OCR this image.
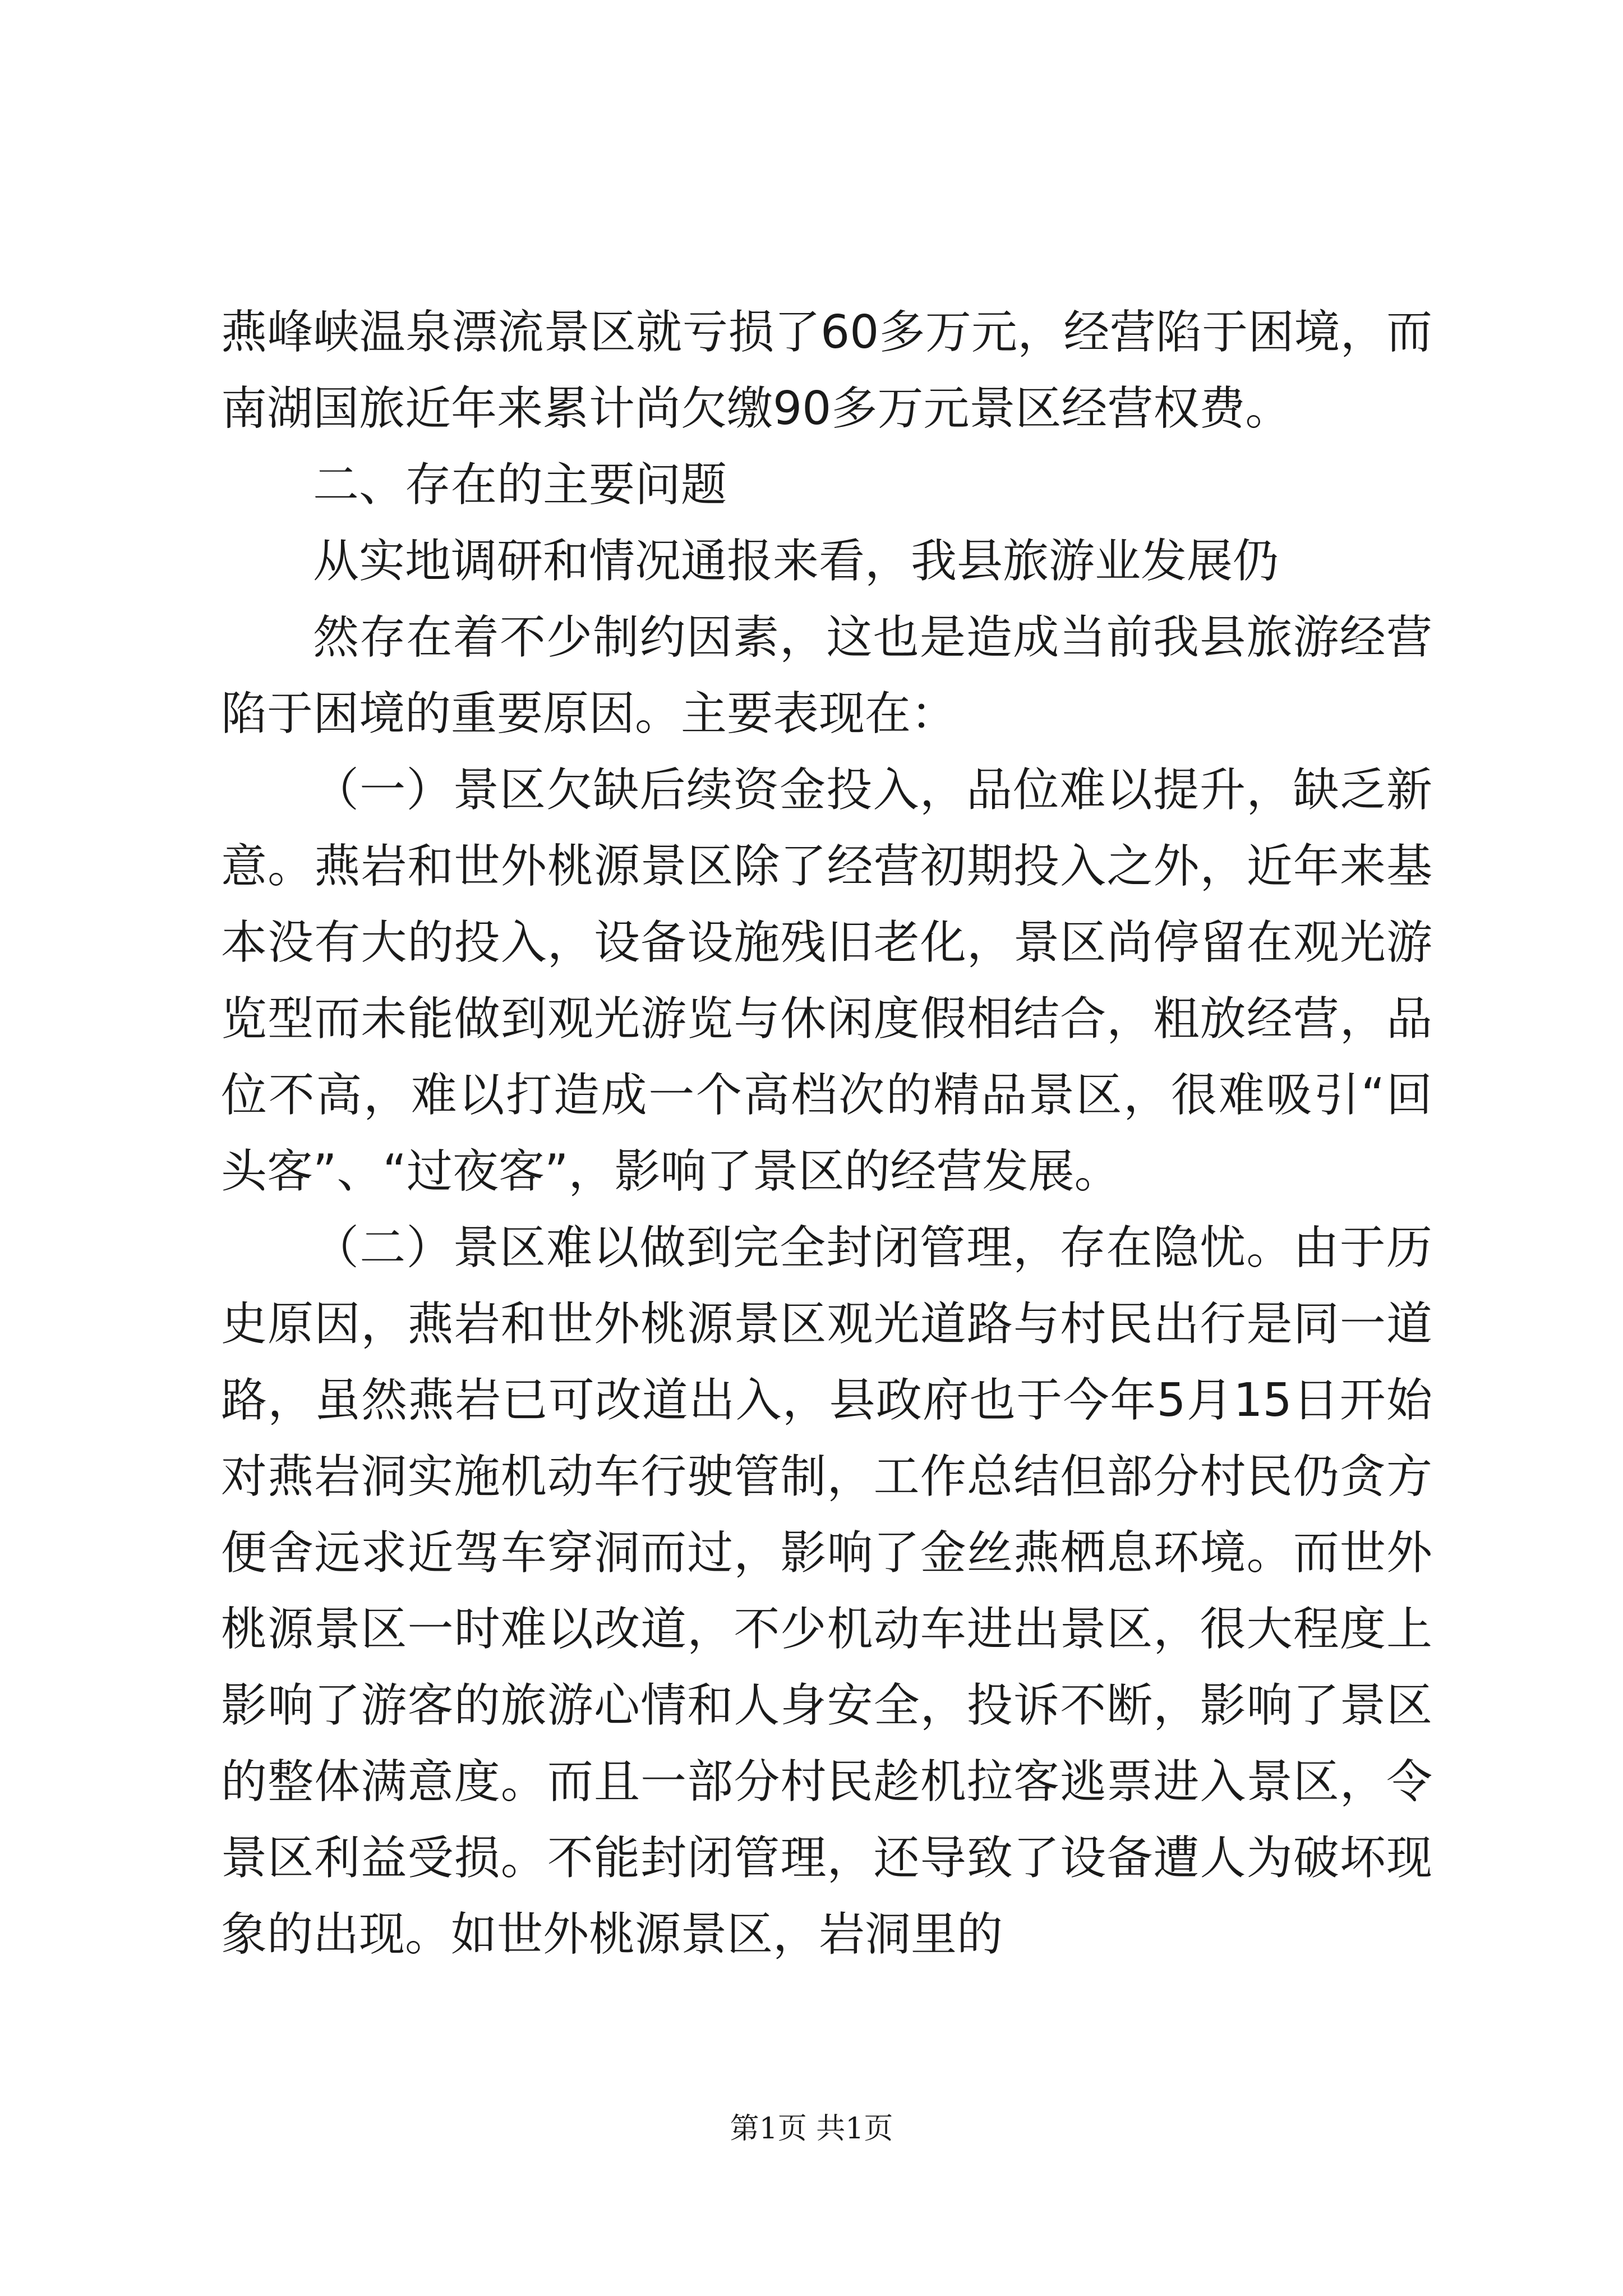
燕峰峡温泉漂流景区就亏损了60多万元，经营陷于困境，而南湖国旅近年来累计尚欠缴90多万元景区经营权费。

二、存在的主要问题

从实地调研和情况通报来看，我县旅游业发展仍

然存在着不少制约因素，这也是造成当前我县旅游经营陷于困境的重要原因。主要表现在：

（一）景区欠缺后续资金投入，品位难以提升，缺乏新意。燕岩和世外桃源景区除了经营初期投入之外，近年来基本没有大的投入，设备设施残旧老化，景区尚停留在观光游览型而未能做到观光游览与休闲度假相结合，粗放经营，品位不高，难以打造成一个高档次的精品景区，很难吸引“回头客”、“过夜客”，影响了景区的经营发展。

（二）景区难以做到完全封闭管理，存在隐忧。由于历史原因，燕岩和世外桃源景区观光道路与村民出行是同一道路，虽然燕岩已可改道出入，县政府也于今年5月15日开始对燕岩洞实施机动车行驶管制，工作总结但部分村民仍贪方便舍远求近驾车穿洞而过，影响了金丝燕栖息环境。而世外桃源景区一时难以改道，不少机动车进出景区，很大程度上影响了游客的旅游心情和人身安全，投诉不断，影响了景区的整体满意度。而且一部分村民趁机拉客逃票进入景区，令景区利益受损。不能封闭管理，还导致了设备遭人为破坏现象的出现。如世外桃源景区，岩洞里的

第1页 共1页
